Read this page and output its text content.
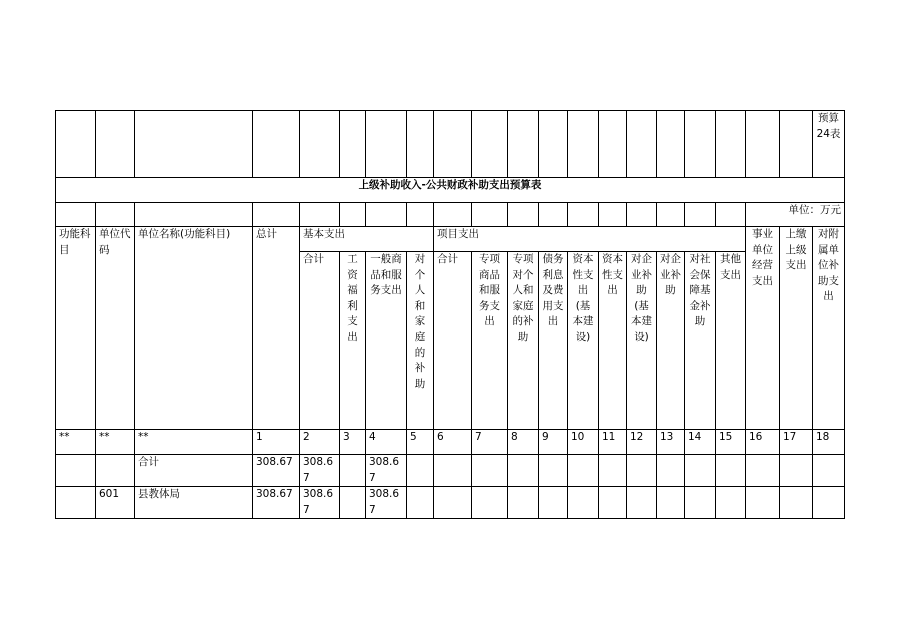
																				预算24表
上级补助收入-公共财政补助支出预算表																				
																		单位：万元		
功能科目	单位代码	单位名称(功能科目)	总计	基本支出				项目支出										事业单位经营支出	上缴上级支出	对附属单位补助支出
				合计	工资福利支出	一般商品和服务支出	对个人和家庭的补助	合计	专项商品和服务支出	专项对个人和家庭的补助	债务利息及费用支出	资本性支出(基本建设)	资本性支出	对企业补助(基本建设)	对企业补助	对社会保障基金补助	其他支出			
**	**	**	1	2	3	4	5	6	7	8	9	10	11	12	13	14	15	16	17	18
		合计	308.67	308.67		308.67														
	601	县教体局	308.67	308.67		308.67														
